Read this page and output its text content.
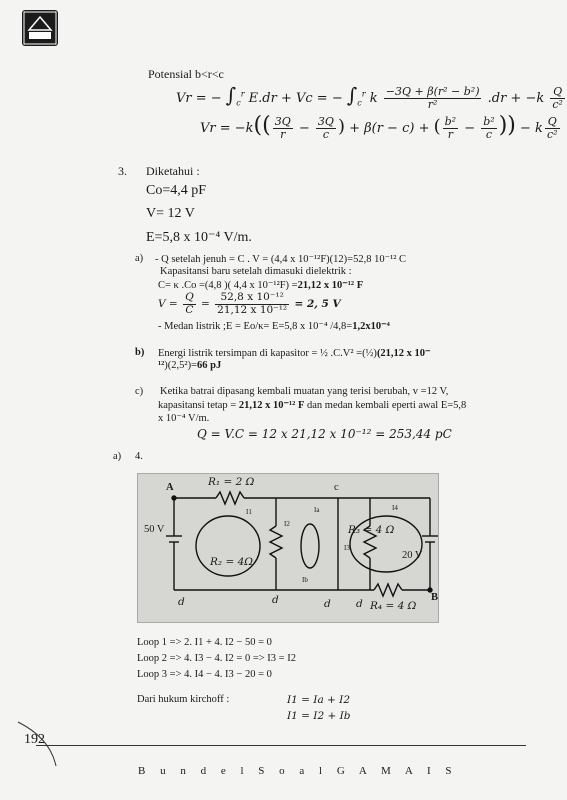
Potensial b<r<c
Vr = − $\int_c^r$ E.dr + Vc = − $\int_c^r$ k $\frac{\text{−3Q + β(r² − b²)}}{\text{r²}} .dr + -k \frac{Q}{\text{c²}}$
$Vr = -k(( \frac{3Q}{r} - \frac{3Q}{c}$ ) + β(r − c) + ( $\frac{\text{b²}}{r} - \frac{\text{b²}}{c}$ )) − k $\frac{Q}{\text{c²}}$
3. Diketahui :
Co=4,4 pF
V= 12 V
E=5,8 x 10⁻⁴ V/m.
a) - Q setelah jenuh = C . V = (4,4 x 10⁻¹²F)(12)=52,8 10⁻¹² C
Kapasitansi baru setelah dimasuki dielektrik :
C= κ .Co =(4,8 )( 4,4 x 10⁻¹²F) =21,12 x 10⁻¹² F
$V = \frac{Q}{C} = \frac{\text{52,8 x 10⁻¹²}}{\text{21,12 x 10⁻¹²}} = 2$, 5 V
- Medan listrik ;E = Eo/κ= E=5,8 x 10⁻⁴ /4,8=1,2x10⁻⁴
b) Energi listrik tersimpan di kapasitor = ½ .C.V² =(½)(21,12 x 10⁻
¹²)(2,5²)=66 pJ
c) Ketika batrai dipasang kembali muatan yang terisi berubah, v =12 V,
kapasitansi tetap = 21,12 x 10⁻¹² F dan medan kembali eperti awal E=5,8
x 10⁻⁴ V/m.
Q = V.C = 12 x 21,12 x 10⁻¹² = 253,44 pC
a) 4.
A
B
c
R₁ = 2 Ω
R₂ = 4Ω
R₃ = 4 Ω
R₄ = 4 Ω
50 V
20 V
I1
I2
Ia
Ib
I3
I4
d	d	d d
Loop 1 => 2. I1 + 4. I2 − 50 = 0
Loop 2 => 4. I3 − 4. I2 = 0 => I3 = I2
Loop 3 => 4. I4 − 4. I3 − 20 = 0
Dari hukum kirchoff :	I1 = Ia + I2
I1 = I2 + Ib
192
B u n d e l S o a l G A M A I S
